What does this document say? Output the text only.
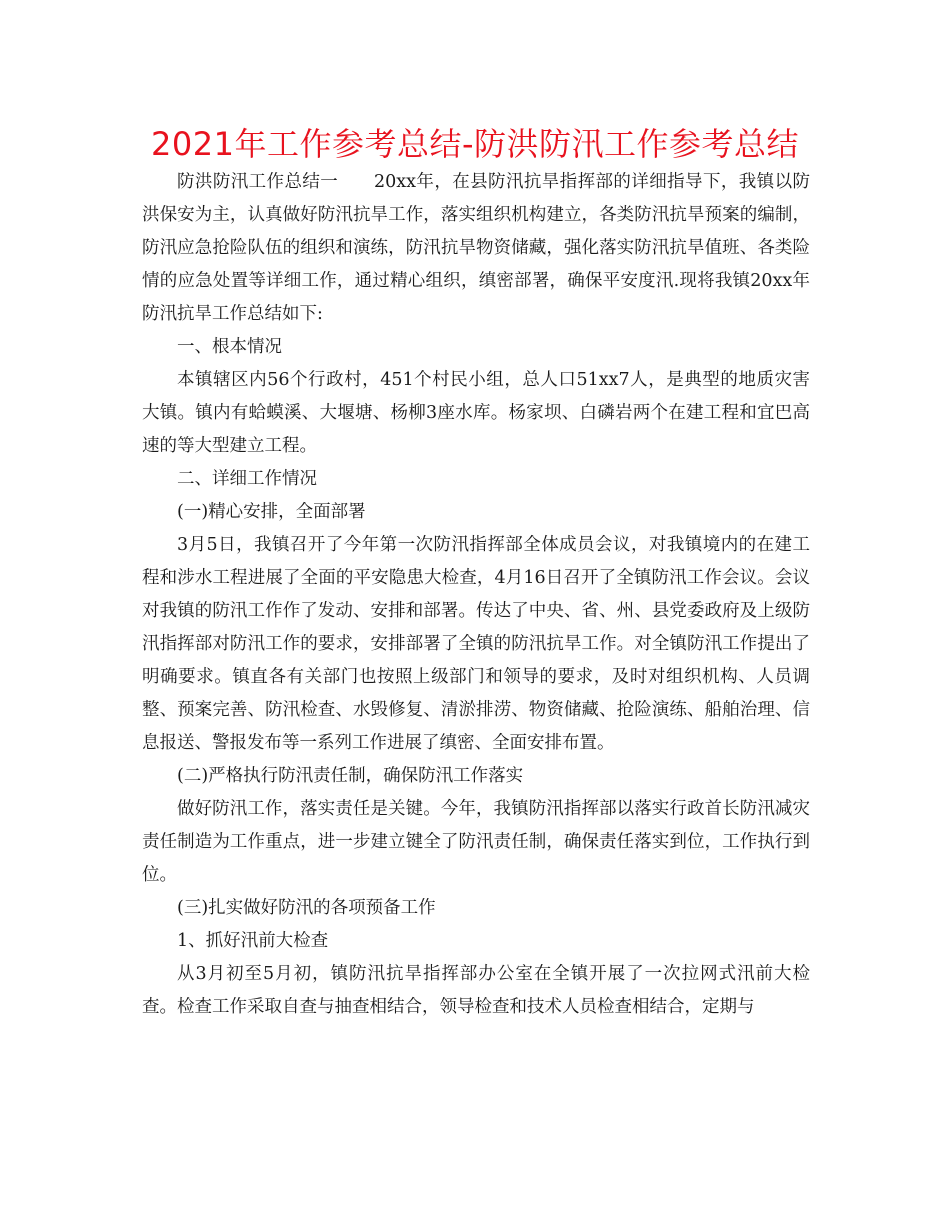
2021年工作参考总结-防洪防汛工作参考总结

防洪防汛工作总结一　　20xx年，在县防汛抗旱指挥部的详细指导下，我镇以防洪保安为主，认真做好防汛抗旱工作，落实组织机构建立，各类防汛抗旱预案的编制，防汛应急抢险队伍的组织和演练，防汛抗旱物资储藏，强化落实防汛抗旱值班、各类险情的应急处置等详细工作，通过精心组织，缜密部署，确保平安度汛.现将我镇20xx年防汛抗旱工作总结如下:

一、根本情况

本镇辖区内56个行政村，451个村民小组，总人口51xx7人，是典型的地质灾害大镇。镇内有蛤蟆溪、大堰塘、杨柳3座水库。杨家坝、白磷岩两个在建工程和宜巴高速的等大型建立工程。

二、详细工作情况

(一)精心安排，全面部署

3月5日，我镇召开了今年第一次防汛指挥部全体成员会议，对我镇境内的在建工程和涉水工程进展了全面的平安隐患大检查，4月16日召开了全镇防汛工作会议。会议对我镇的防汛工作作了发动、安排和部署。传达了中央、省、州、县党委政府及上级防汛指挥部对防汛工作的要求，安排部署了全镇的防汛抗旱工作。对全镇防汛工作提出了明确要求。镇直各有关部门也按照上级部门和领导的要求，及时对组织机构、人员调整、预案完善、防汛检查、水毁修复、清淤排涝、物资储藏、抢险演练、船舶治理、信息报送、警报发布等一系列工作进展了缜密、全面安排布置。

(二)严格执行防汛责任制，确保防汛工作落实

做好防汛工作，落实责任是关键。今年，我镇防汛指挥部以落实行政首长防汛减灾责任制造为工作重点，进一步建立键全了防汛责任制，确保责任落实到位，工作执行到位。

(三)扎实做好防汛的各项预备工作

1、抓好汛前大检查

从3月初至5月初，镇防汛抗旱指挥部办公室在全镇开展了一次拉网式汛前大检查。检查工作采取自查与抽查相结合，领导检查和技术人员检查相结合，定期与
